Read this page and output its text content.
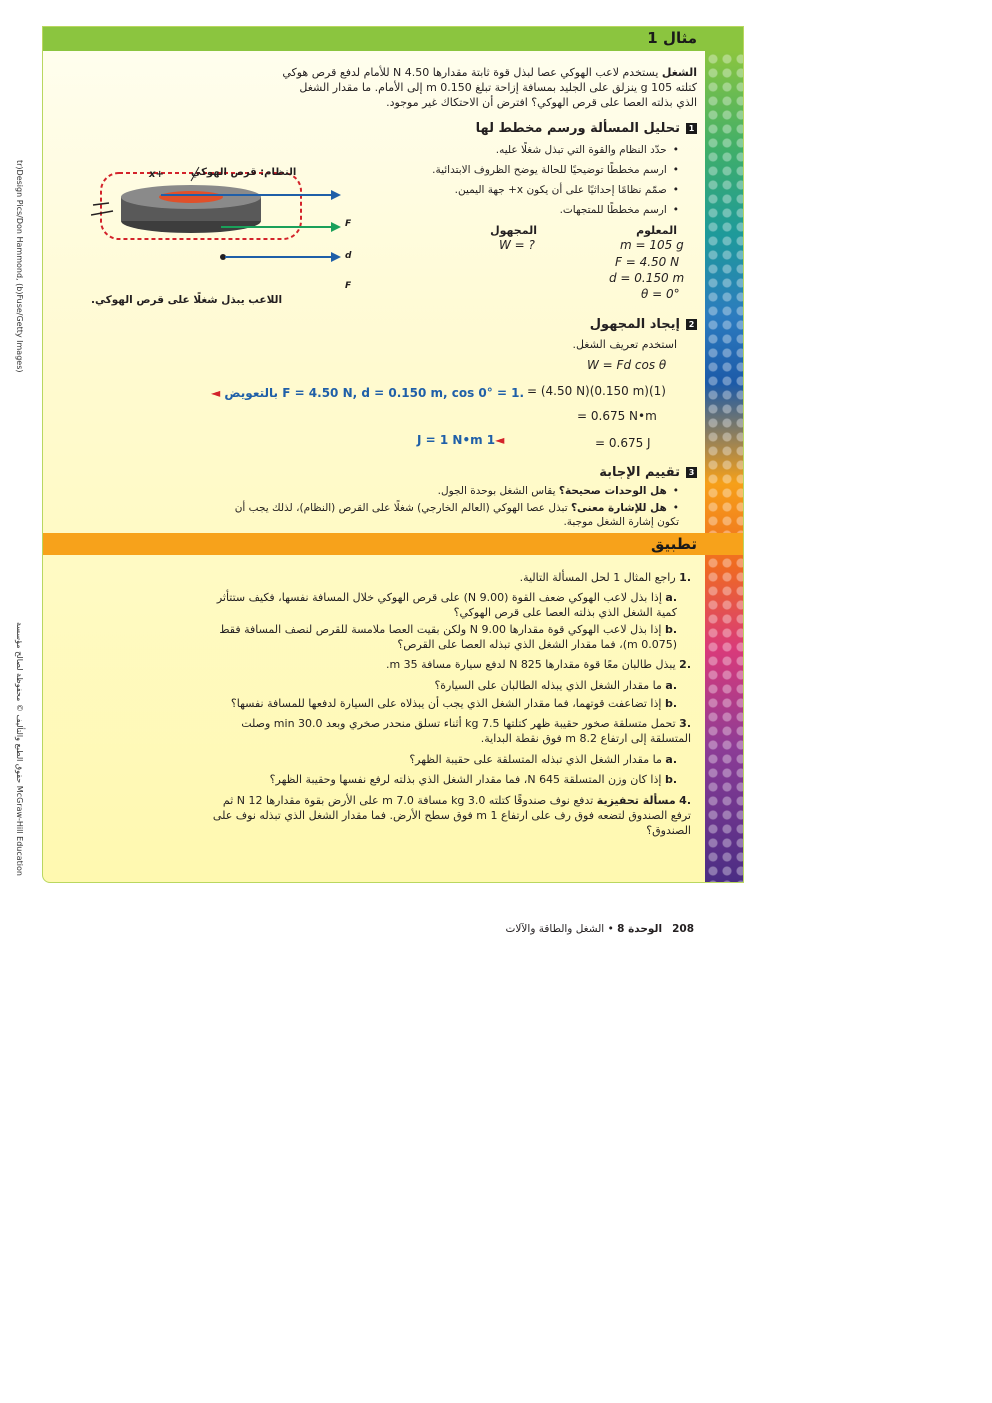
tr)Design Pics/Don Hammond, (b)Fuse/Getty Images)
حقوق الطبع والتأليف © محفوظة لصالح مؤسسة McGraw-Hill Education
مثال 1
الشغل يستخدم لاعب الهوكي عصا لبذل قوة ثابتة مقدارها 4.50 N للأمام لدفع قرص هوكي كتلته 105 g ينزلق على الجليد بمسافة إزاحة تبلغ 0.150 m إلى الأمام. ما مقدار الشغل الذي بذلته العصا على قرص الهوكي؟ افترض أن الاحتكاك غير موجود.
1تحليل المسألة ورسم مخطط لها
• حدّد النظام والقوة التي تبذل شغلًا عليه.
• ارسم مخططًا توضيحيًا للحالة يوضح الظروف الابتدائية.
• صمّم نظامًا إحداثيًا على أن يكون x+ جهة اليمين.
• ارسم مخططًا للمتجهات.
المعلوم
المجهول
m = 105 g
F = 4.50 N
d = 0.150 m
θ = 0°
W = ?
النظام: قرص الهوكي
x+
F
d
F
اللاعب يبذل شغلًا على قرص الهوكي.
2إيجاد المجهول
استخدم تعريف الشغل.
W = Fd cos θ
= (4.50 N)(0.150 m)(1)
◄ بالتعويض F = 4.50 N, d = 0.150 m, cos 0° = 1.
= 0.675 N•m
= 0.675 J
J = 1 N•m 1◄
3تقييم الإجابة
• هل الوحدات صحيحة؟ يقاس الشغل بوحدة الجول.
• هل للإشارة معنى؟ تبذل عصا الهوكي (العالم الخارجي) شغلًا على القرص (النظام)، لذلك يجب أن تكون إشارة الشغل موجبة.
تطبيق
.1 راجع المثال 1 لحل المسألة التالية.
.a إذا بذل لاعب الهوكي ضعف القوة (9.00 N) على قرص الهوكي خلال المسافة نفسها، فكيف ستتأثر كمية الشغل الذي بذلته العصا على قرص الهوكي؟
.b إذا بذل لاعب الهوكي قوة مقدارها 9.00 N ولكن بقيت العصا ملامسة للقرص لنصف المسافة فقط (0.075 m)، فما مقدار الشغل الذي تبذله العصا على القرص؟
.2 يبذل طالبان معًا قوة مقدارها 825 N لدفع سيارة مسافة 35 m.
.a ما مقدار الشغل الذي يبذله الطالبان على السيارة؟
.b إذا تضاعفت قوتهما، فما مقدار الشغل الذي يجب أن يبذلاه على السيارة لدفعها للمسافة نفسها؟
.3 تحمل متسلقة صخور حقيبة ظهر كتلتها 7.5 kg أثناء تسلق منحدر صخري وبعد 30.0 min وصلت المتسلقة إلى ارتفاع 8.2 m فوق نقطة البداية.
.a ما مقدار الشغل الذي تبذله المتسلقة على حقيبة الظهر؟
.b إذا كان وزن المتسلقة 645 N، فما مقدار الشغل الذي بذلته لرفع نفسها وحقيبة الظهر؟
.4 مسألة تحفيزية تدفع نوف صندوقًا كتلته 3.0 kg مسافة 7.0 m على الأرض بقوة مقدارها 12 N ثم ترفع الصندوق لتضعه فوق رف على ارتفاع 1 m فوق سطح الأرض. فما مقدار الشغل الذي تبذله نوف على الصندوق؟
208   الوحدة 8 • الشغل والطاقة والآلات
